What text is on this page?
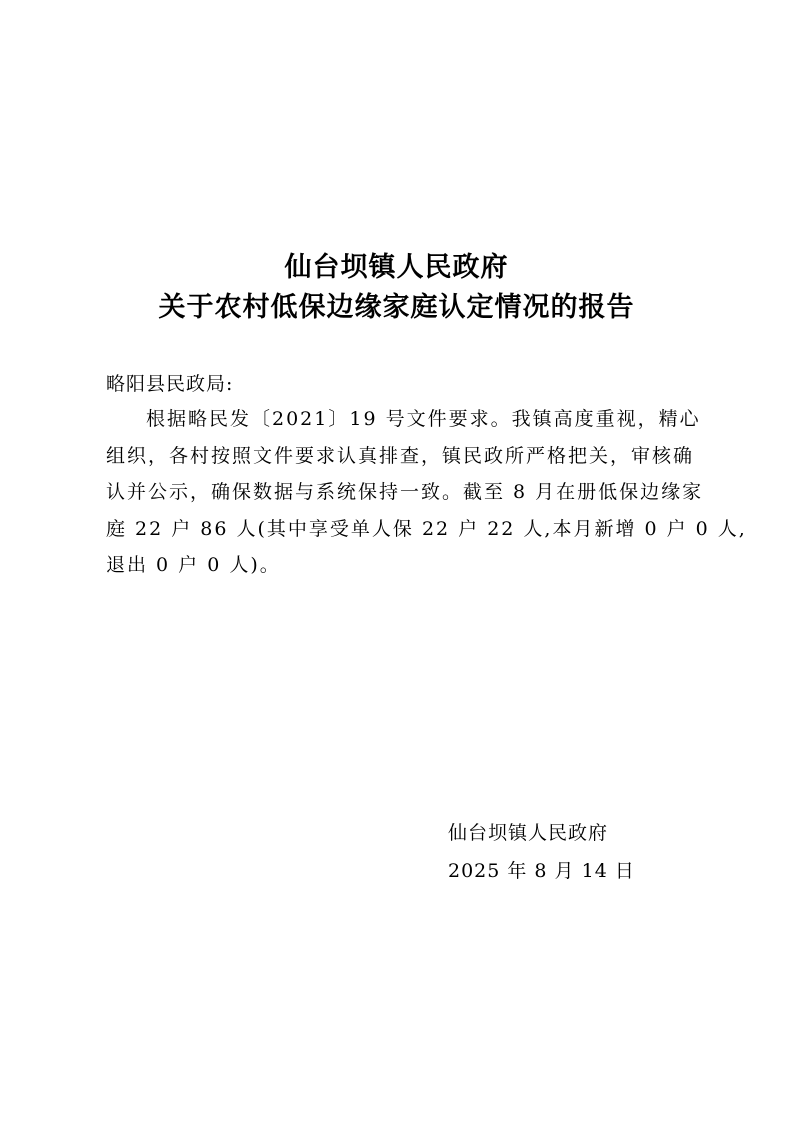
仙台坝镇人民政府
关于农村低保边缘家庭认定情况的报告
略阳县民政局:
根据略民发〔2021〕19 号文件要求。我镇高度重视，精心
组织，各村按照文件要求认真排查，镇民政所严格把关，审核确
认并公示，确保数据与系统保持一致。截至 8 月在册低保边缘家
庭 22 户 86 人(其中享受单人保 22 户 22 人,本月新增 0 户 0 人,
退出 0 户 0 人)。
仙台坝镇人民政府
2025 年 8 月 14 日
